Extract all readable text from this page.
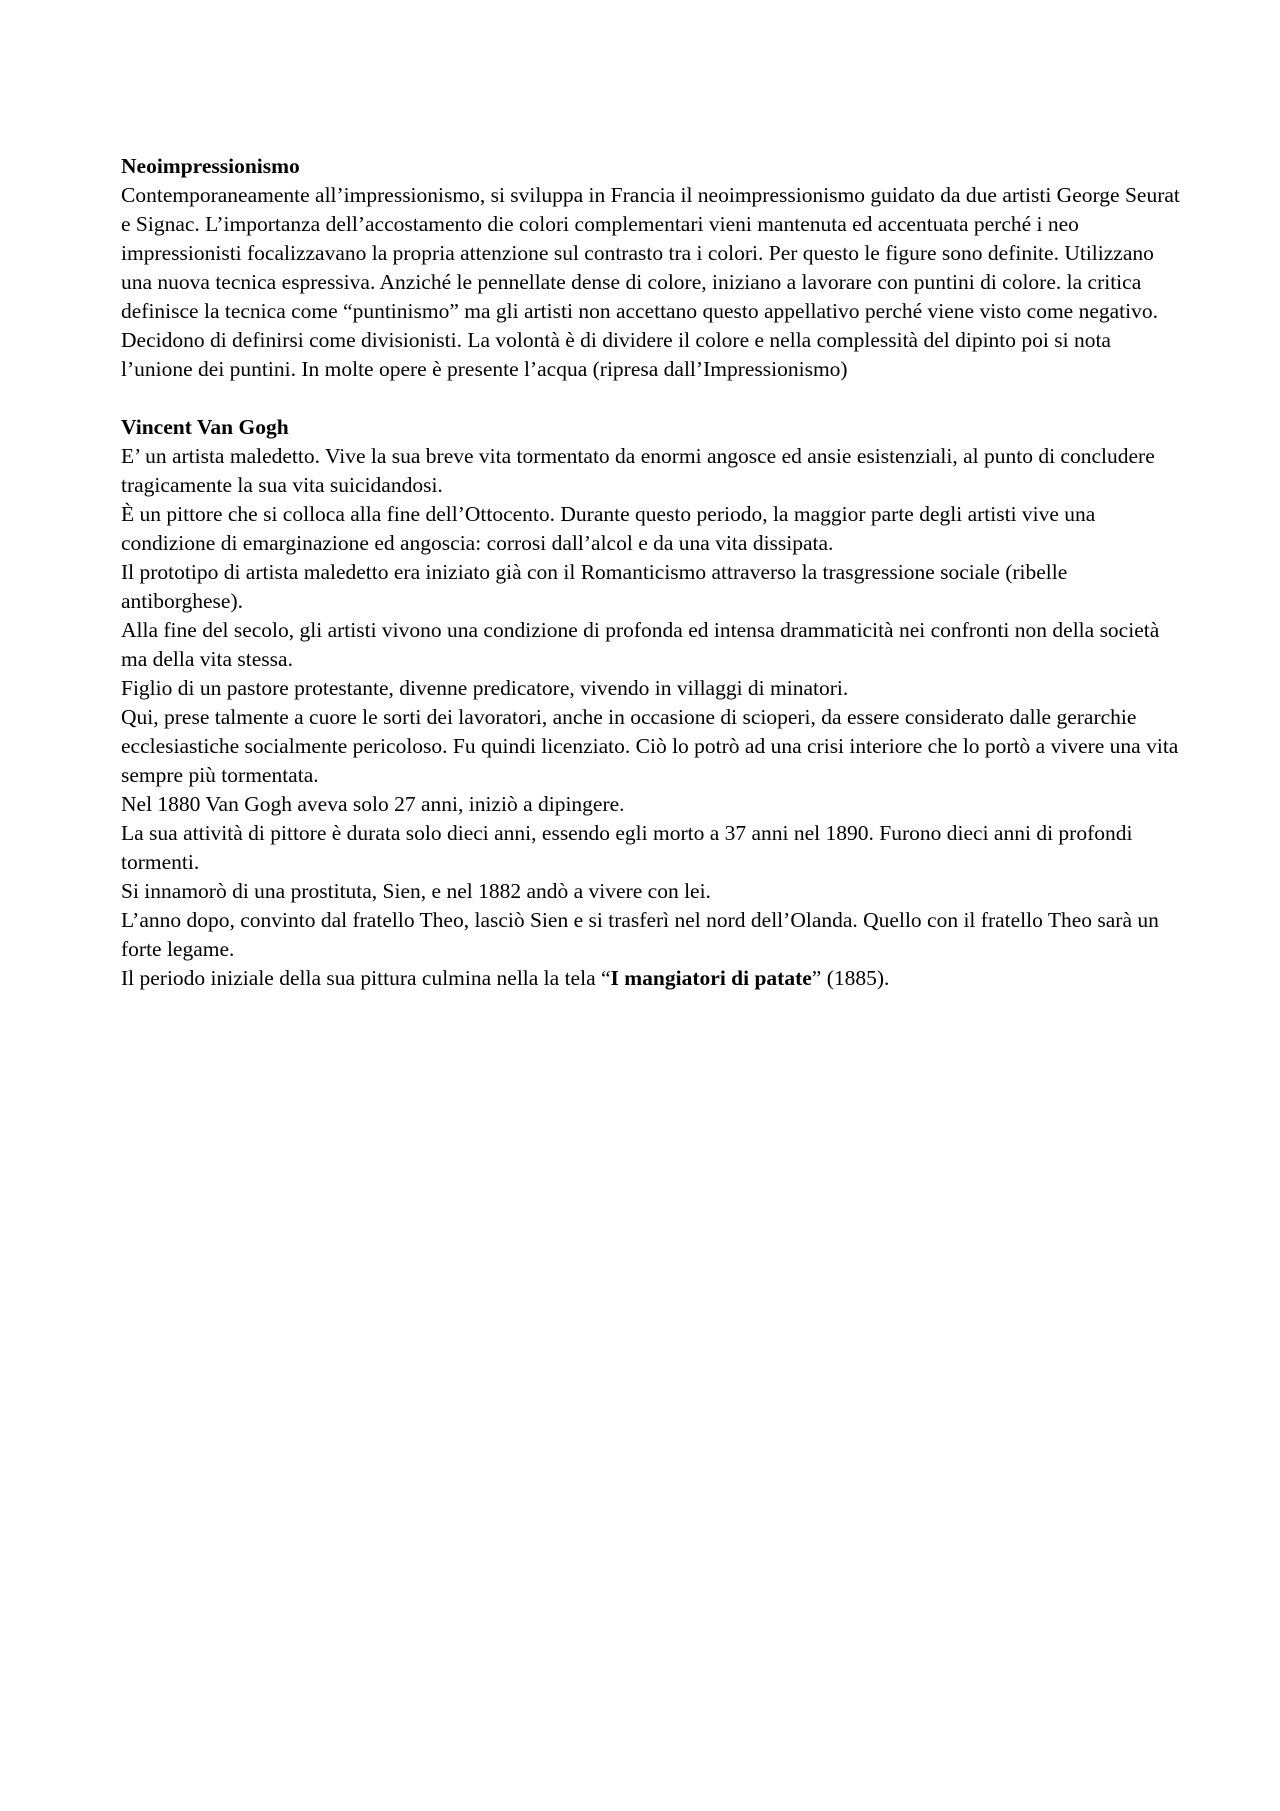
Neoimpressionismo

Contemporaneamente all’impressionismo, si sviluppa in Francia il neoimpressionismo guidato da due artisti George Seurat e Signac. L’importanza dell’accostamento die colori complementari vieni mantenuta ed accentuata perché i neo impressionisti focalizzavano la propria attenzione sul contrasto tra i colori. Per questo le figure sono definite. Utilizzano una nuova tecnica espressiva. Anziché le pennellate dense di colore, iniziano a lavorare con puntini di colore. la critica definisce la tecnica come “puntinismo” ma gli artisti non accettano questo appellativo perché viene visto come negativo. Decidono di definirsi come divisionisti. La volontà è di dividere il colore e nella complessità del dipinto poi si nota l’unione dei puntini. In molte opere è presente l’acqua (ripresa dall’Impressionismo)

Vincent Van Gogh

E’ un artista maledetto. Vive la sua breve vita tormentato da enormi angosce ed ansie esistenziali, al punto di concludere tragicamente la sua vita suicidandosi.

È un pittore che si colloca alla fine dell’Ottocento. Durante questo periodo, la maggior parte degli artisti vive una condizione di emarginazione ed angoscia: corrosi dall’alcol e da una vita dissipata.

Il prototipo di artista maledetto era iniziato già con il Romanticismo attraverso la trasgressione sociale (ribelle antiborghese).

Alla fine del secolo, gli artisti vivono una condizione di profonda ed intensa drammaticità nei confronti non della società ma della vita stessa.

Figlio di un pastore protestante, divenne predicatore, vivendo in villaggi di minatori.

Qui, prese talmente a cuore le sorti dei lavoratori, anche in occasione di scioperi, da essere considerato dalle gerarchie ecclesiastiche socialmente pericoloso. Fu quindi licenziato. Ciò lo potrò ad una crisi interiore che lo portò a vivere una vita sempre più tormentata.

Nel 1880 Van Gogh aveva solo 27 anni, iniziò a dipingere.

La sua attività di pittore è durata solo dieci anni, essendo egli morto a 37 anni nel 1890. Furono dieci anni di profondi tormenti.

Si innamorò di una prostituta, Sien, e nel 1882 andò a vivere con lei.

L’anno dopo, convinto dal fratello Theo, lasciò Sien e si trasferì nel nord dell’Olanda. Quello con il fratello Theo sarà un forte legame.

Il periodo iniziale della sua pittura culmina nella la tela “I mangiatori di patate” (1885).
